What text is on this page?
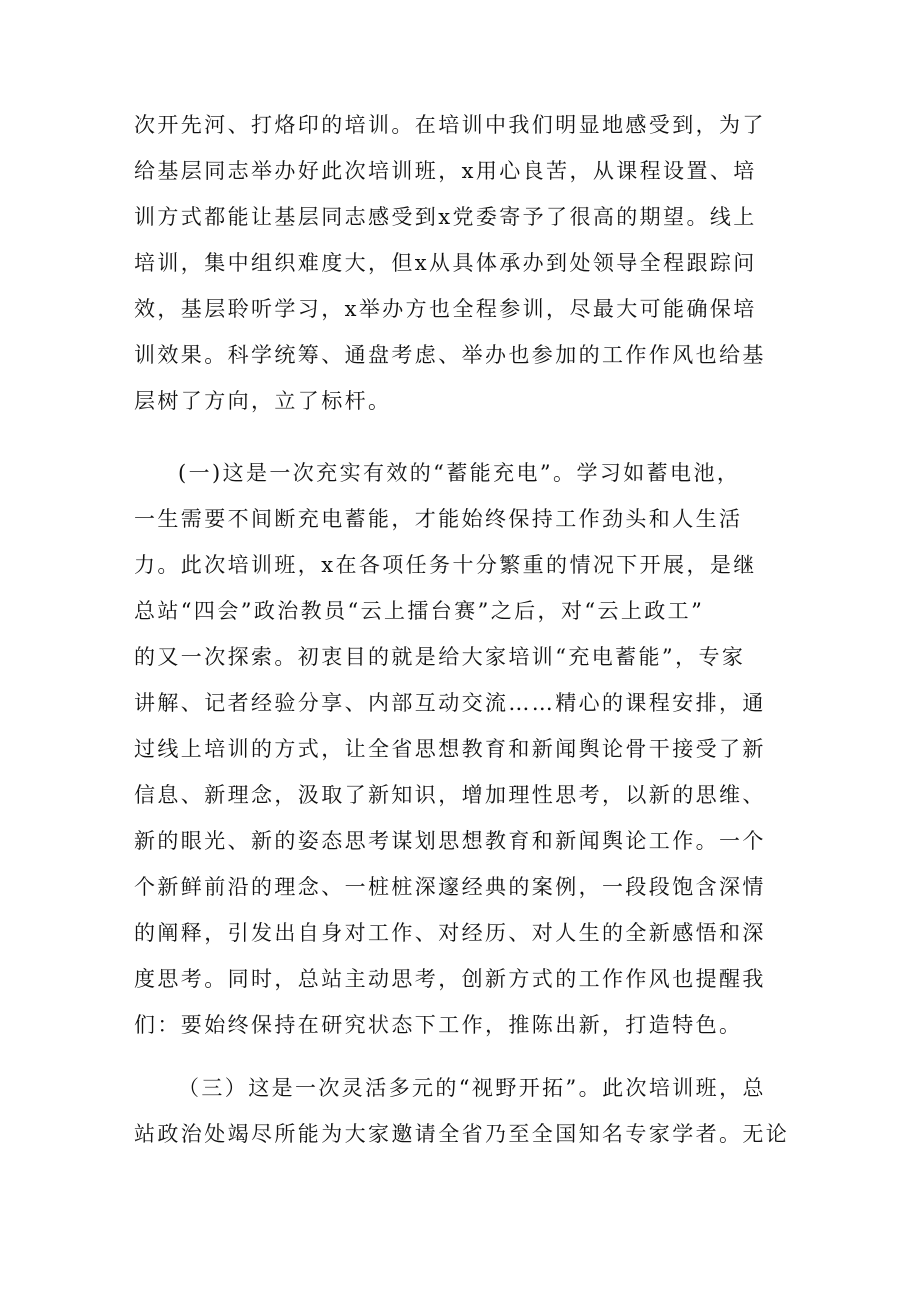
次开先河、打烙印的培训。在培训中我们明显地感受到，为了
给基层同志举办好此次培训班，x用心良苦，从课程设置、培
训方式都能让基层同志感受到x党委寄予了很高的期望。线上
培训，集中组织难度大，但x从具体承办到处领导全程跟踪问
效，基层聆听学习，x举办方也全程参训，尽最大可能确保培
训效果。科学统筹、通盘考虑、举办也参加的工作作风也给基
层树了方向，立了标杆。
(一)这是一次充实有效的“蓄能充电”。学习如蓄电池，
一生需要不间断充电蓄能，才能始终保持工作劲头和人生活
力。此次培训班，x在各项任务十分繁重的情况下开展，是继
总站“四会”政治教员“云上擂台赛”之后，对“云上政工”
的又一次探索。初衷目的就是给大家培训“充电蓄能”，专家
讲解、记者经验分享、内部互动交流……精心的课程安排，通
过线上培训的方式，让全省思想教育和新闻舆论骨干接受了新
信息、新理念，汲取了新知识，增加理性思考，以新的思维、
新的眼光、新的姿态思考谋划思想教育和新闻舆论工作。一个
个新鲜前沿的理念、一桩桩深邃经典的案例，一段段饱含深情
的阐释，引发出自身对工作、对经历、对人生的全新感悟和深
度思考。同时，总站主动思考，创新方式的工作作风也提醒我
们：要始终保持在研究状态下工作，推陈出新，打造特色。
（三）这是一次灵活多元的“视野开拓”。此次培训班，总
站政治处竭尽所能为大家邀请全省乃至全国知名专家学者。无论
